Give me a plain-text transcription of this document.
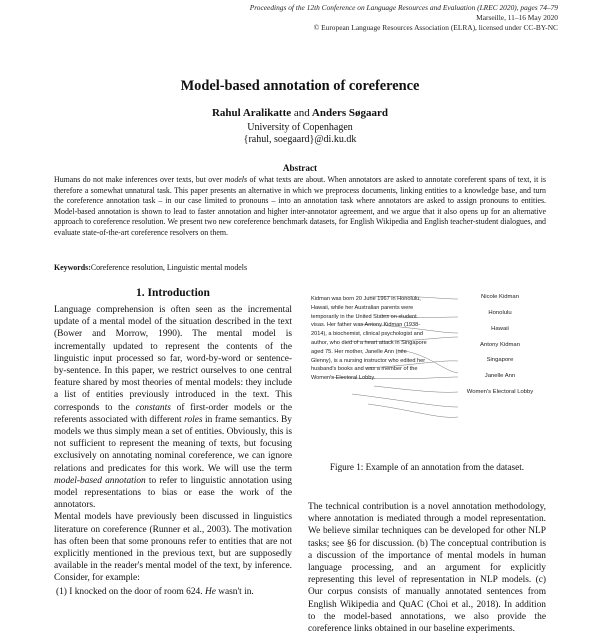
Proceedings of the 12th Conference on Language Resources and Evaluation (LREC 2020), pages 74–79
Marseille, 11–16 May 2020
© European Language Resources Association (ELRA), licensed under CC-BY-NC
Model-based annotation of coreference
Rahul Aralikatte and Anders Søgaard
University of Copenhagen
{rahul, soegaard}@di.ku.dk
Abstract
Humans do not make inferences over texts, but over models of what texts are about. When annotators are asked to annotate coreferent spans of text, it is therefore a somewhat unnatural task. This paper presents an alternative in which we preprocess documents, linking entities to a knowledge base, and turn the coreference annotation task – in our case limited to pronouns – into an annotation task where annotators are asked to assign pronouns to entities. Model-based annotation is shown to lead to faster annotation and higher inter-annotator agreement, and we argue that it also opens up for an alternative approach to coreference resolution. We present two new coreference benchmark datasets, for English Wikipedia and English teacher-student dialogues, and evaluate state-of-the-art coreference resolvers on them.
Keywords:Coreference resolution, Linguistic mental models
1. Introduction

Language comprehension is often seen as the incremental update of a mental model of the situation described in the text (Bower and Morrow, 1990). The mental model is incrementally updated to represent the contents of the linguistic input processed so far, word-by-word or sentence-by-sentence. In this paper, we restrict ourselves to one central feature shared by most theories of mental models: they include a list of entities previously introduced in the text. This corresponds to the constants of first-order models or the referents associated with different roles in frame semantics. By models we thus simply mean a set of entities. Obviously, this is not sufficient to represent the meaning of texts, but focusing exclusively on annotating nominal coreference, we can ignore relations and predicates for this work. We will use the term model-based annotation to refer to linguistic annotation using model representations to bias or ease the work of the annotators.

Mental models have previously been discussed in linguistics literature on coreference (Runner et al., 2003). The motivation has often been that some pronouns refer to entities that are not explicitly mentioned in the previous text, but are supposedly available in the reader's mental model of the text, by inference. Consider, for example:

(1) I knocked on the door of room 624. He wasn't in.
Kidman was born 20 June 1967 in Honolulu, Hawaii, while her Australian parents were temporarily in the United States on student visas. Her father was Antony Kidman (1938-2014), a biochemist, clinical psychologist and author, who died of a heart attack in Singapore aged 75. Her mother, Janelle Ann (née Glenny), is a nursing instructor who edited her husband's books and was a member of the Women's Electoral Lobby.
Nicole Kidman
Honolulu
Hawaii
Antony Kidman
Singapore
Janelle Ann
Women's Electoral Lobby
Figure 1: Example of an annotation from the dataset.

The technical contribution is a novel annotation methodology, where annotation is mediated through a model representation. We believe similar techniques can be developed for other NLP tasks; see §6 for discussion. (b) The conceptual contribution is a discussion of the importance of mental models in human language processing, and an argument for explicitly representing this level of representation in NLP models. (c) Our corpus consists of manually annotated sentences from English Wikipedia and QuAC (Choi et al., 2018). In addition to the model-based annotations, we also provide the coreference links obtained in our baseline experiments.
